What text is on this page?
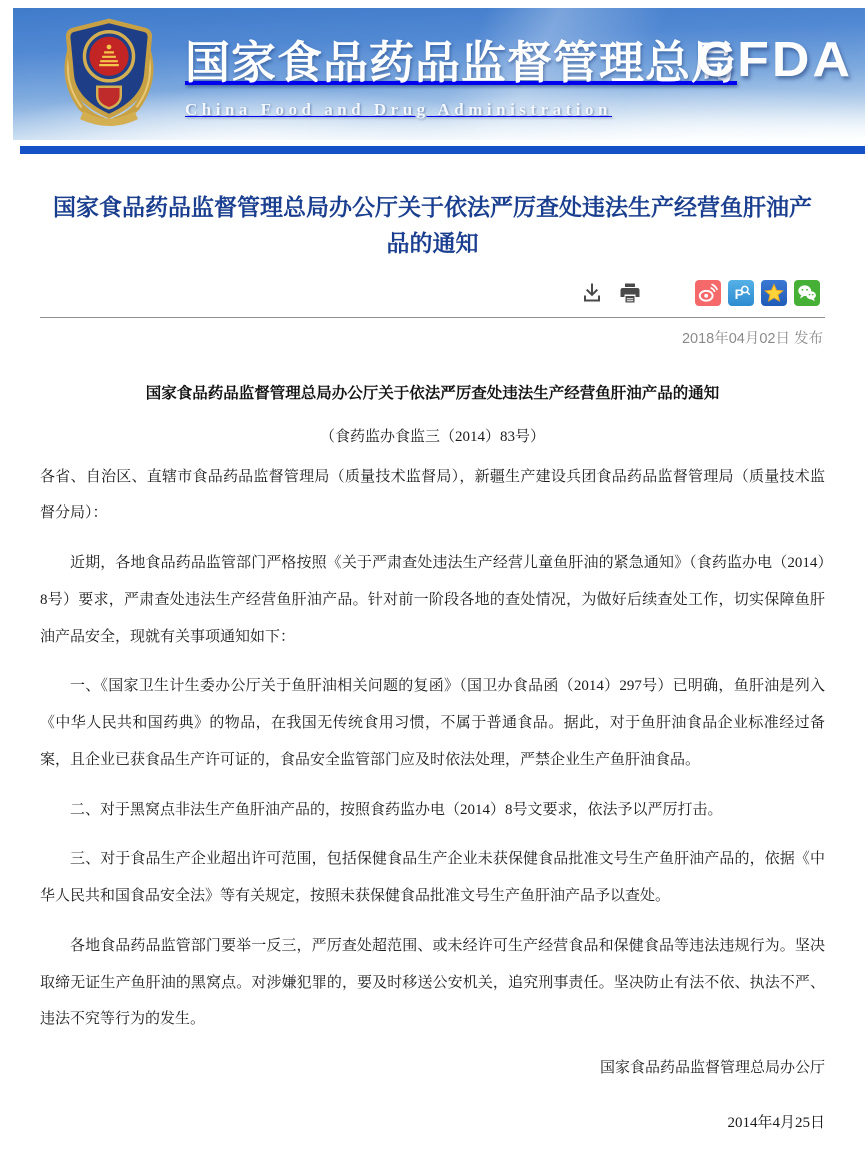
国家食品药品监督管理总局
China Food and Drug Administration
CFDA
国家食品药品监督管理总局办公厅关于依法严厉查处违法生产经营鱼肝油产品的通知
P
2018年04月02日 发布
国家食品药品监督管理总局办公厅关于依法严厉查处违法生产经营鱼肝油产品的通知
（食药监办食监三（2014）83号）

各省、自治区、直辖市食品药品监督管理局（质量技术监督局），新疆生产建设兵团食品药品监督管理局（质量技术监督分局）：

近期，各地食品药品监管部门严格按照《关于严肃查处违法生产经营儿童鱼肝油的紧急通知》（食药监办电（2014）8号）要求，严肃查处违法生产经营鱼肝油产品。针对前一阶段各地的查处情况，为做好后续查处工作，切实保障鱼肝油产品安全，现就有关事项通知如下：

一、《国家卫生计生委办公厅关于鱼肝油相关问题的复函》（国卫办食品函（2014）297号）已明确，鱼肝油是列入《中华人民共和国药典》的物品，在我国无传统食用习惯，不属于普通食品。据此，对于鱼肝油食品企业标准经过备案，且企业已获食品生产许可证的，食品安全监管部门应及时依法处理，严禁企业生产鱼肝油食品。

二、对于黑窝点非法生产鱼肝油产品的，按照食药监办电（2014）8号文要求，依法予以严厉打击。

三、对于食品生产企业超出许可范围，包括保健食品生产企业未获保健食品批准文号生产鱼肝油产品的，依据《中华人民共和国食品安全法》等有关规定，按照未获保健食品批准文号生产鱼肝油产品予以查处。

各地食品药品监管部门要举一反三，严厉查处超范围、或未经许可生产经营食品和保健食品等违法违规行为。坚决取缔无证生产鱼肝油的黑窝点。对涉嫌犯罪的，要及时移送公安机关，追究刑事责任。坚决防止有法不依、执法不严、违法不究等行为的发生。

国家食品药品监督管理总局办公厅
2014年4月25日
